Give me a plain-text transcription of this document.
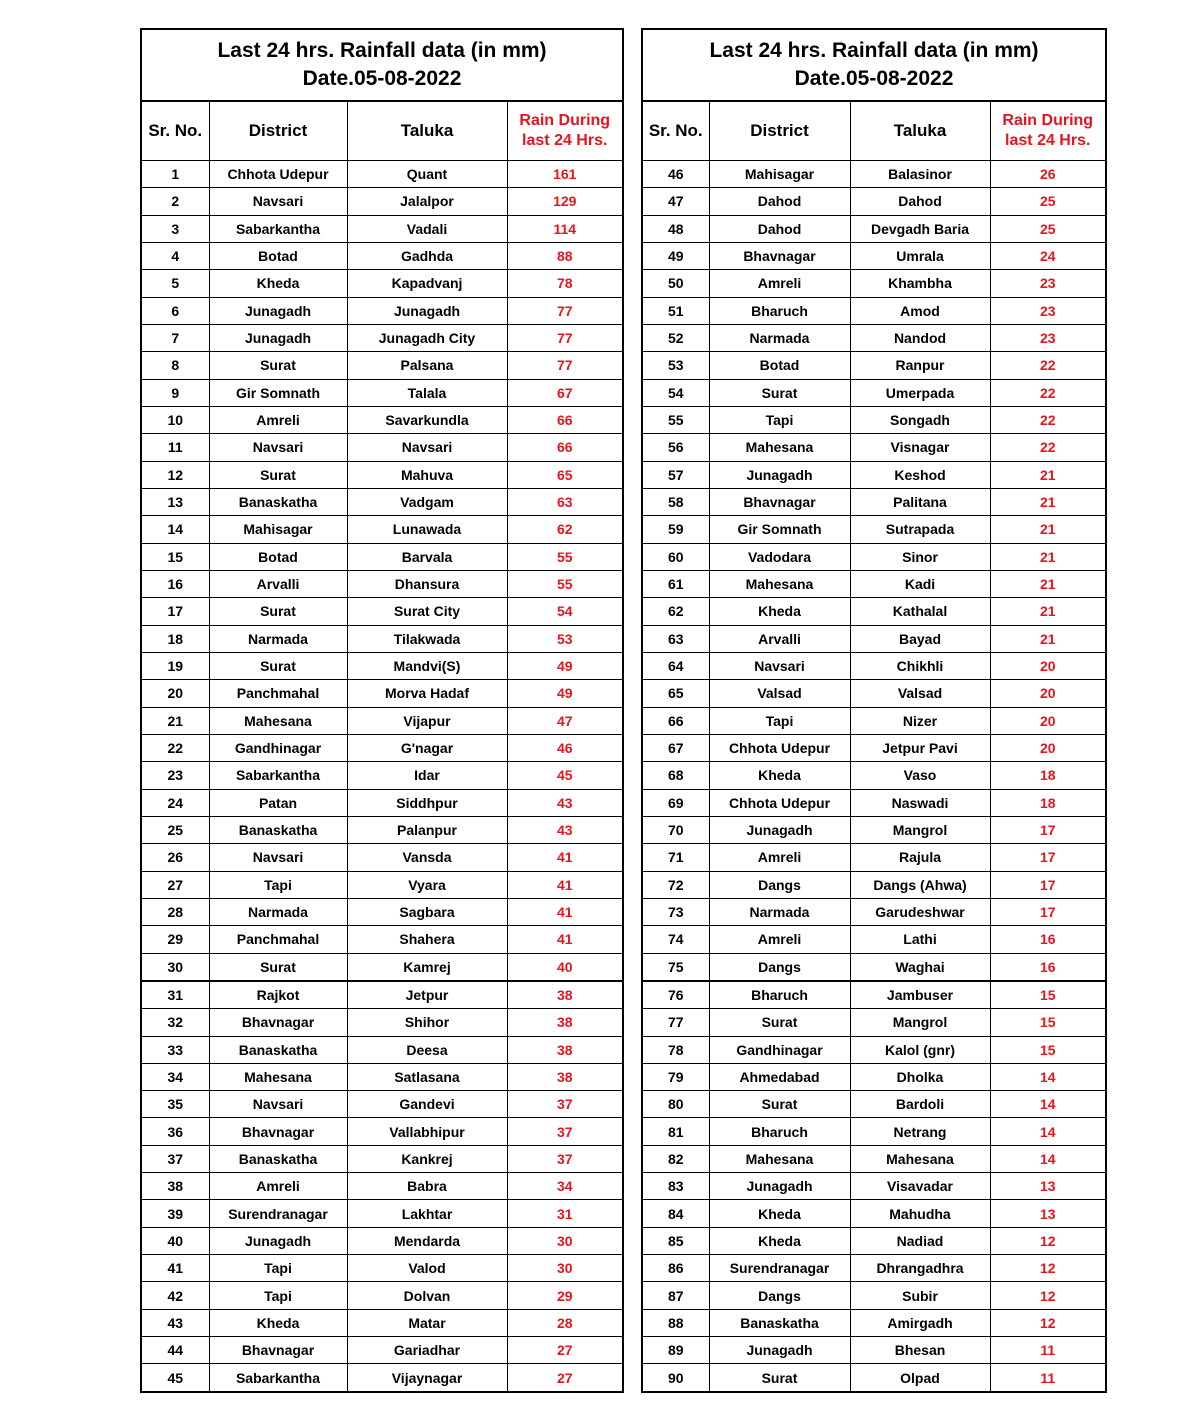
Last 24 hrs. Rainfall data (in mm)
Date.05-08-2022
Sr. No.	District	Taluka	Rain During last 24 Hrs.
1	Chhota Udepur	Quant	161
2	Navsari	Jalalpor	129
3	Sabarkantha	Vadali	114
4	Botad	Gadhda	88
5	Kheda	Kapadvanj	78
6	Junagadh	Junagadh	77
7	Junagadh	Junagadh City	77
8	Surat	Palsana	77
9	Gir Somnath	Talala	67
10	Amreli	Savarkundla	66
11	Navsari	Navsari	66
12	Surat	Mahuva	65
13	Banaskatha	Vadgam	63
14	Mahisagar	Lunawada	62
15	Botad	Barvala	55
16	Arvalli	Dhansura	55
17	Surat	Surat City	54
18	Narmada	Tilakwada	53
19	Surat	Mandvi(S)	49
20	Panchmahal	Morva Hadaf	49
21	Mahesana	Vijapur	47
22	Gandhinagar	G'nagar	46
23	Sabarkantha	Idar	45
24	Patan	Siddhpur	43
25	Banaskatha	Palanpur	43
26	Navsari	Vansda	41
27	Tapi	Vyara	41
28	Narmada	Sagbara	41
29	Panchmahal	Shahera	41
30	Surat	Kamrej	40
31	Rajkot	Jetpur	38
32	Bhavnagar	Shihor	38
33	Banaskatha	Deesa	38
34	Mahesana	Satlasana	38
35	Navsari	Gandevi	37
36	Bhavnagar	Vallabhipur	37
37	Banaskatha	Kankrej	37
38	Amreli	Babra	34
39	Surendranagar	Lakhtar	31
40	Junagadh	Mendarda	30
41	Tapi	Valod	30
42	Tapi	Dolvan	29
43	Kheda	Matar	28
44	Bhavnagar	Gariadhar	27
45	Sabarkantha	Vijaynagar	27
Last 24 hrs. Rainfall data (in mm)
Date.05-08-2022
Sr. No.	District	Taluka	Rain During last 24 Hrs.
46	Mahisagar	Balasinor	26
47	Dahod	Dahod	25
48	Dahod	Devgadh Baria	25
49	Bhavnagar	Umrala	24
50	Amreli	Khambha	23
51	Bharuch	Amod	23
52	Narmada	Nandod	23
53	Botad	Ranpur	22
54	Surat	Umerpada	22
55	Tapi	Songadh	22
56	Mahesana	Visnagar	22
57	Junagadh	Keshod	21
58	Bhavnagar	Palitana	21
59	Gir Somnath	Sutrapada	21
60	Vadodara	Sinor	21
61	Mahesana	Kadi	21
62	Kheda	Kathalal	21
63	Arvalli	Bayad	21
64	Navsari	Chikhli	20
65	Valsad	Valsad	20
66	Tapi	Nizer	20
67	Chhota Udepur	Jetpur Pavi	20
68	Kheda	Vaso	18
69	Chhota Udepur	Naswadi	18
70	Junagadh	Mangrol	17
71	Amreli	Rajula	17
72	Dangs	Dangs (Ahwa)	17
73	Narmada	Garudeshwar	17
74	Amreli	Lathi	16
75	Dangs	Waghai	16
76	Bharuch	Jambuser	15
77	Surat	Mangrol	15
78	Gandhinagar	Kalol (gnr)	15
79	Ahmedabad	Dholka	14
80	Surat	Bardoli	14
81	Bharuch	Netrang	14
82	Mahesana	Mahesana	14
83	Junagadh	Visavadar	13
84	Kheda	Mahudha	13
85	Kheda	Nadiad	12
86	Surendranagar	Dhrangadhra	12
87	Dangs	Subir	12
88	Banaskatha	Amirgadh	12
89	Junagadh	Bhesan	11
90	Surat	Olpad	11
